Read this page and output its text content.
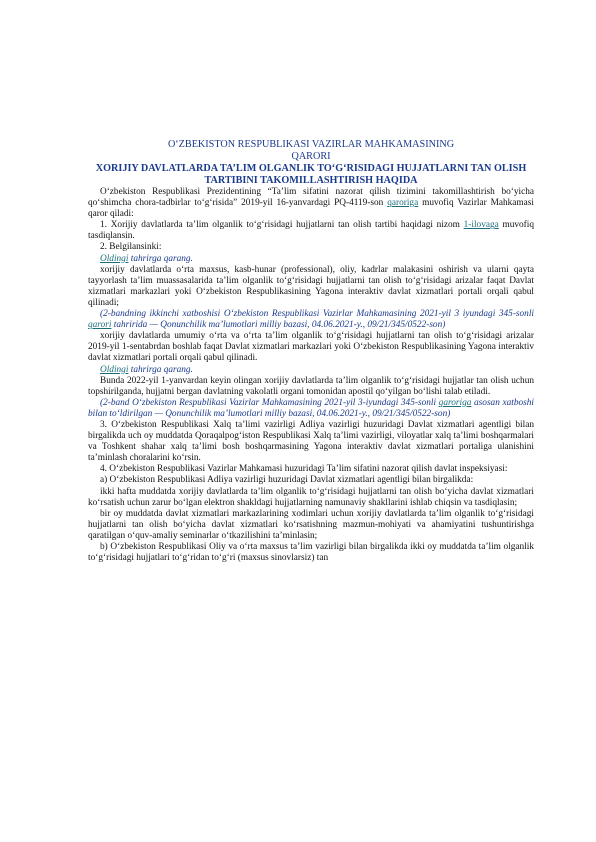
O‘ZBEKISTON RESPUBLIKASI VAZIRLAR MAHKAMASINING
QARORI
XORIJIY DAVLATLARDA TA’LIM OLGANLIK TO‘G‘RISIDAGI HUJJATLARNI TAN OLISH TARTIBINI TAKOMILLASHTIRISH HAQIDA

O‘zbekiston Respublikasi Prezidentining “Ta’lim sifatini nazorat qilish tizimini takomillashtirish bo‘yicha qo‘shimcha chora-tadbirlar to‘g‘risida” 2019-yil 16-yanvardagi PQ-4119-son qaroriga muvofiq Vazirlar Mahkamasi qaror qiladi:

1. Xorijiy davlatlarda ta’lim olganlik to‘g‘risidagi hujjatlarni tan olish tartibi haqidagi nizom 1-ilovaga muvofiq tasdiqlansin.

2. Belgilansinki:

Oldingi tahrirga qarang.

xorijiy davlatlarda o‘rta maxsus, kasb-hunar (professional), oliy, kadrlar malakasini oshirish va ularni qayta tayyorlash ta’lim muassasalarida ta’lim olganlik to‘g‘risidagi hujjatlarni tan olish to‘g‘risidagi arizalar faqat Davlat xizmatlari markazlari yoki O‘zbekiston Respublikasining Yagona interaktiv davlat xizmatlari portali orqali qabul qilinadi;

(2-bandning ikkinchi xatboshisi O‘zbekiston Respublikasi Vazirlar Mahkamasining 2021-yil 3 iyundagi 345-sonli qarori tahririda — Qonunchilik ma’lumotlari milliy bazasi, 04.06.2021-y., 09/21/345/0522-son)

xorijiy davlatlarda umumiy o‘rta va o‘rta ta’lim olganlik to‘g‘risidagi hujjatlarni tan olish to‘g‘risidagi arizalar 2019-yil 1-sentabrdan boshlab faqat Davlat xizmatlari markazlari yoki O‘zbekiston Respublikasining Yagona interaktiv davlat xizmatlari portali orqali qabul qilinadi.

Oldingi tahrirga qarang.

Bunda 2022-yil 1-yanvardan keyin olingan xorijiy davlatlarda ta’lim olganlik to‘g‘risidagi hujjatlar tan olish uchun topshirilganda, hujjatni bergan davlatning vakolatli organi tomonidan apostil qo‘yilgan bo‘lishi talab etiladi.

(2-band O‘zbekiston Respublikasi Vazirlar Mahkamasining 2021-yil 3-iyundagi 345-sonli qaroriga asosan xatboshi bilan to‘ldirilgan — Qonunchilik ma’lumotlari milliy bazasi, 04.06.2021-y., 09/21/345/0522-son)

3. O‘zbekiston Respublikasi Xalq ta’limi vazirligi Adliya vazirligi huzuridagi Davlat xizmatlari agentligi bilan birgalikda uch oy muddatda Qoraqalpog‘iston Respublikasi Xalq ta’limi vazirligi, viloyatlar xalq ta’limi boshqarmalari va Toshkent shahar xalq ta’limi bosh boshqarmasining Yagona interaktiv davlat xizmatlari portaliga ulanishini ta’minlash choralarini ko‘rsin.

4. O‘zbekiston Respublikasi Vazirlar Mahkamasi huzuridagi Ta’lim sifatini nazorat qilish davlat inspeksiyasi:

a) O‘zbekiston Respublikasi Adliya vazirligi huzuridagi Davlat xizmatlari agentligi bilan birgalikda:

ikki hafta muddatda xorijiy davlatlarda ta’lim olganlik to‘g‘risidagi hujjatlarni tan olish bo‘yicha davlat xizmatlari ko‘rsatish uchun zarur bo‘lgan elektron shakldagi hujjatlarning namunaviy shakllarini ishlab chiqsin va tasdiqlasin;

bir oy muddatda davlat xizmatlari markazlarining xodimlari uchun xorijiy davlatlarda ta’lim olganlik to‘g‘risidagi hujjatlarni tan olish bo‘yicha davlat xizmatlari ko‘rsatishning mazmun-mohiyati va ahamiyatini tushuntirishga qaratilgan o‘quv-amaliy seminarlar o‘tkazilishini ta’minlasin;

b) O‘zbekiston Respublikasi Oliy va o‘rta maxsus ta’lim vazirligi bilan birgalikda ikki oy muddatda ta’lim olganlik to‘g‘risidagi hujjatlari to‘g‘ridan to‘g‘ri (maxsus sinovlarsiz) tan
